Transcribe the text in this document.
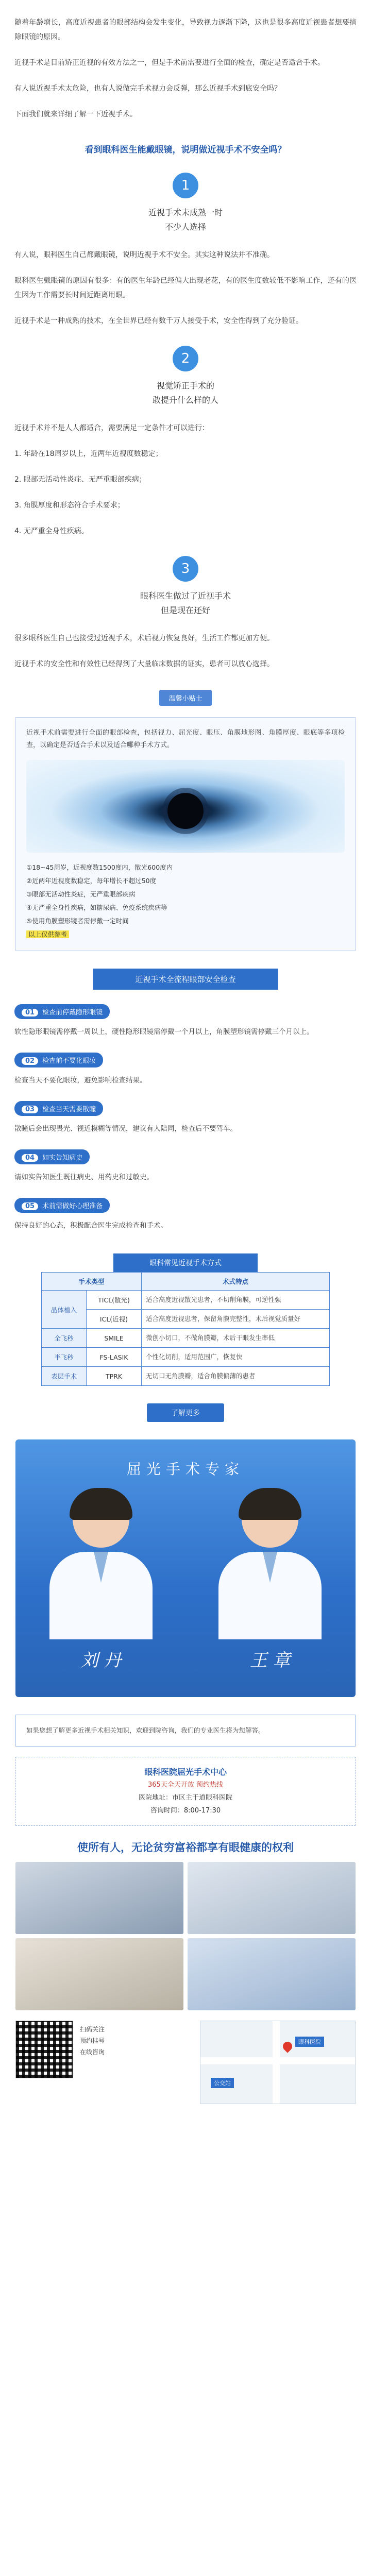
随着年龄增长，高度近视患者的眼部结构会发生变化，导致视力逐渐下降，这也是很多高度近视患者想要摘除眼镜的原因。

近视手术是目前矫正近视的有效方法之一，但是手术前需要进行全面的检查，确定是否适合手术。

有人说近视手术太危险，也有人说做完手术视力会反弹，那么近视手术到底安全吗？

下面我们就来详细了解一下近视手术。

看到眼科医生能戴眼镜，说明做近视手术不安全吗？
1
近视手术未成熟一时
不少人选择

有人说，眼科医生自己都戴眼镜，说明近视手术不安全。其实这种说法并不准确。

眼科医生戴眼镜的原因有很多：有的医生年龄已经偏大出现老花，有的医生度数较低不影响工作，还有的医生因为工作需要长时间近距离用眼。

近视手术是一种成熟的技术，在全世界已经有数千万人接受手术，安全性得到了充分验证。

2
视觉矫正手术的
敢提升什么样的人

近视手术并不是人人都适合，需要满足一定条件才可以进行：

1. 年龄在18周岁以上，近两年近视度数稳定；

2. 眼部无活动性炎症、无严重眼部疾病；

3. 角膜厚度和形态符合手术要求；

4. 无严重全身性疾病。

3
眼科医生做过了近视手术
但是现在还好

很多眼科医生自己也接受过近视手术，术后视力恢复良好，生活工作都更加方便。

近视手术的安全性和有效性已经得到了大量临床数据的证实，患者可以放心选择。

温馨小贴士
近视手术前需要进行全面的眼部检查，包括视力、屈光度、眼压、角膜地形图、角膜厚度、眼底等多项检查，以确定是否适合手术以及适合哪种手术方式。
①18~45周岁，近视度数1500度内，散光600度内
②近两年近视度数稳定，每年增长不超过50度
③眼部无活动性炎症，无严重眼部疾病
④无严重全身性疾病，如糖尿病、免疫系统疾病等
⑤使用角膜塑形镜者需停戴一定时间
以上仅供参考
近视手术全流程眼部安全检查
01 检查前停戴隐形眼镜
软性隐形眼镜需停戴一周以上，硬性隐形眼镜需停戴一个月以上，角膜塑形镜需停戴三个月以上。
02 检查前不要化眼妆
检查当天不要化眼妆，避免影响检查结果。
03 检查当天需要散瞳
散瞳后会出现畏光、视近模糊等情况，建议有人陪同，检查后不要驾车。
04 如实告知病史
请如实告知医生既往病史、用药史和过敏史。
05 术前需做好心理准备
保持良好的心态，积极配合医生完成检查和手术。
眼科常见近视手术方式
手术类型		术式特点
晶体植入	TICL(散光)	适合高度近视散光患者，不切削角膜，可逆性强
	ICL(近视)	适合高度近视患者，保留角膜完整性，术后视觉质量好
全飞秒	SMILE	微创小切口，不做角膜瓣，术后干眼发生率低
半飞秒	FS-LASIK	个性化切削，适用范围广，恢复快
表层手术	TPRK	无切口无角膜瓣，适合角膜偏薄的患者
了解更多
屈光手术专家
刘 丹	王 章
如果您想了解更多近视手术相关知识，欢迎到院咨询，我们的专业医生将为您解答。
眼科医院屈光手术中心
365天全天开放 预约热线
医院地址：市区主干道眼科医院
咨询时间：8:00-17:30
使所有人，无论贫穷富裕都享有眼健康的权利
扫码关注
预约挂号
在线咨询
眼科医院
公交站
